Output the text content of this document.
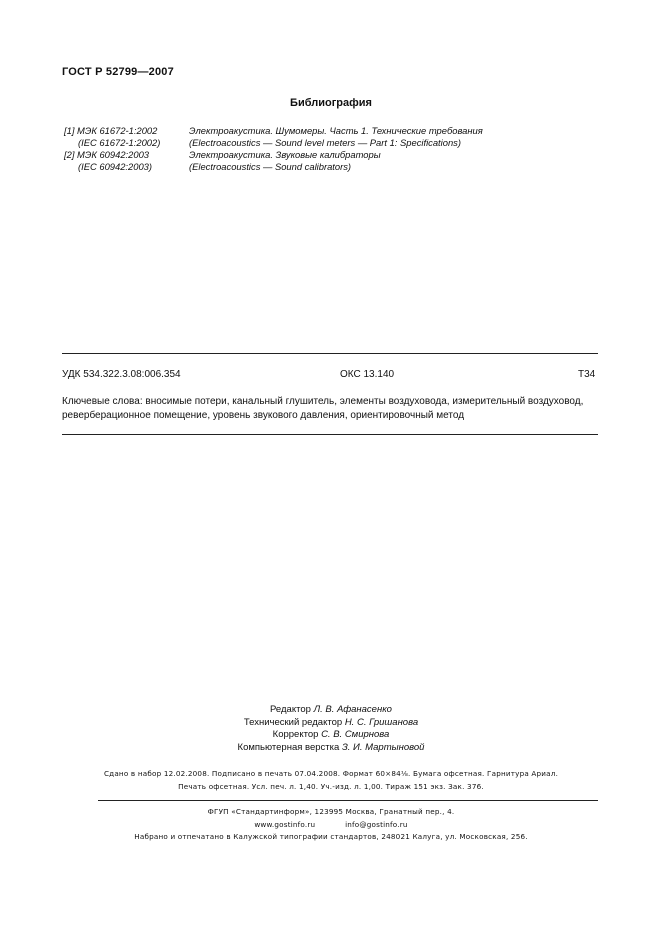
ГОСТ Р 52799—2007
Библиография
[1] МЭК 61672-1:2002	Электроакустика. Шумомеры. Часть 1. Технические требования
(IEC 61672-1:2002)	(Electroacoustics — Sound level meters — Part 1: Specifications)
[2] МЭК 60942:2003	Электроакустика. Звуковые калибраторы
(IEC 60942:2003)	(Electroacoustics — Sound calibrators)
УДК 534.322.3.08:006.354	ОКС 13.140	Т34
Ключевые слова: вносимые потери, канальный глушитель, элементы воздуховода, измерительный воздуховод, реверберационное помещение, уровень звукового давления, ориентировочный метод
Редактор Л. В. Афанасенко
Технический редактор Н. С. Гришанова
Корректор С. В. Смирнова
Компьютерная верстка З. И. Мартыновой
Сдано в набор 12.02.2008. Подписано в печать 07.04.2008. Формат 60×84⅛. Бумага офсетная. Гарнитура Ариал.
Печать офсетная. Усл. печ. л. 1,40. Уч.-изд. л. 1,00. Тираж 151 экз. Зак. 376.
ФГУП «Стандартинформ», 123995 Москва, Гранатный пер., 4.
www.gostinfo.ru	info@gostinfo.ru
Набрано и отпечатано в Калужской типографии стандартов, 248021 Калуга, ул. Московская, 256.
